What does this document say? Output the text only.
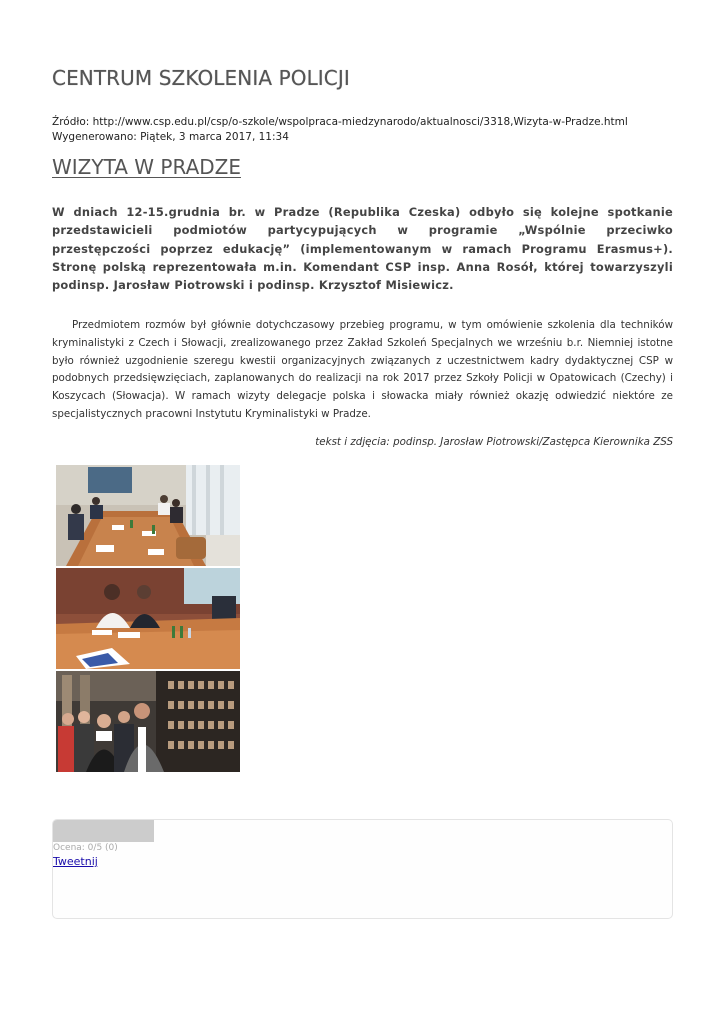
CENTRUM SZKOLENIA POLICJI
Źródło: http://www.csp.edu.pl/csp/o-szkole/wspolpraca-miedzynarodo/aktualnosci/3318,Wizyta-w-Pradze.html
Wygenerowano: Piątek, 3 marca 2017, 11:34
WIZYTA W PRADZE

W dniach 12-15.grudnia br. w Pradze (Republika Czeska) odbyło się kolejne spotkanie przedstawicieli podmiotów partycypujących w programie „Wspólnie przeciwko przestępczości poprzez edukację” (implementowanym w ramach Programu Erasmus+). Stronę polską reprezentowała m.in. Komendant CSP insp. Anna Rosół, której towarzyszyli podinsp. Jarosław Piotrowski i podinsp. Krzysztof Misiewicz.

Przedmiotem rozmów był głównie dotychczasowy przebieg programu, w tym omówienie szkolenia dla techników kryminalistyki z Czech i Słowacji, zrealizowanego przez Zakład Szkoleń Specjalnych we wrześniu b.r. Niemniej istotne było również uzgodnienie szeregu kwestii organizacyjnych związanych z uczestnictwem kadry dydaktycznej CSP w podobnych przedsięwzięciach, zaplanowanych do realizacji na rok 2017 przez Szkoły Policji w Opatowicach (Czechy) i Koszycach (Słowacja). W ramach wizyty delegacje polska i słowacka miały również okazję odwiedzić niektóre ze specjalistycznych pracowni Instytutu Kryminalistyki w Pradze.

tekst i zdjęcia: podinsp. Jarosław Piotrowski/Zastępca Kierownika ZSS

Ocena: 0/5 (0)
Tweetnij
